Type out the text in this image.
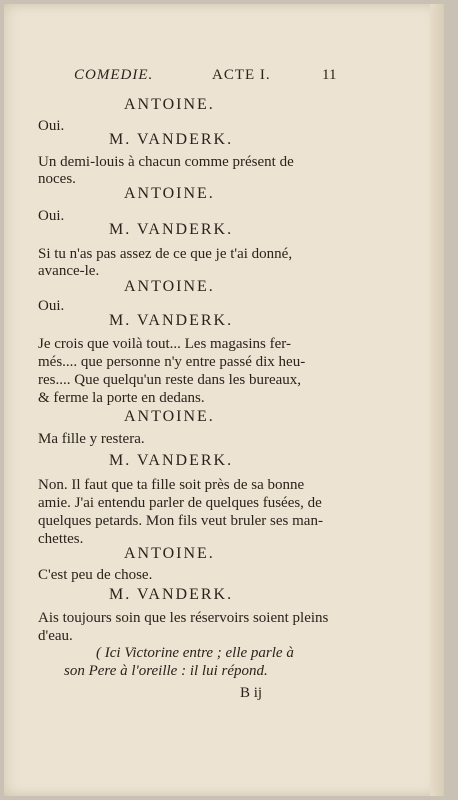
COMEDIE.	ACTE I.	11
ANTOINE.
Oui.
M. VANDERK.
Un demi-louis à chacun comme présent de
noces.
ANTOINE.
Oui.
M. VANDERK.
Si tu n'as pas assez de ce que je t'ai donné,
avance-le.
ANTOINE.
Oui.
M. VANDERK.
Je crois que voilà tout... Les magasins fer-
més.... que personne n'y entre passé dix heu-
res.... Que quelqu'un reste dans les bureaux,
& ferme la porte en dedans.
ANTOINE.
Ma fille y restera.
M. VANDERK.
Non. Il faut que ta fille soit près de sa bonne
amie. J'ai entendu parler de quelques fusées, de
quelques petards. Mon fils veut bruler ses man-
chettes.
ANTOINE.
C'est peu de chose.
M. VANDERK.
Ais toujours soin que les réservoirs soient pleins
d'eau.
( Ici Victorine entre ; elle parle à
son Pere à l'oreille : il lui répond.
B ij
